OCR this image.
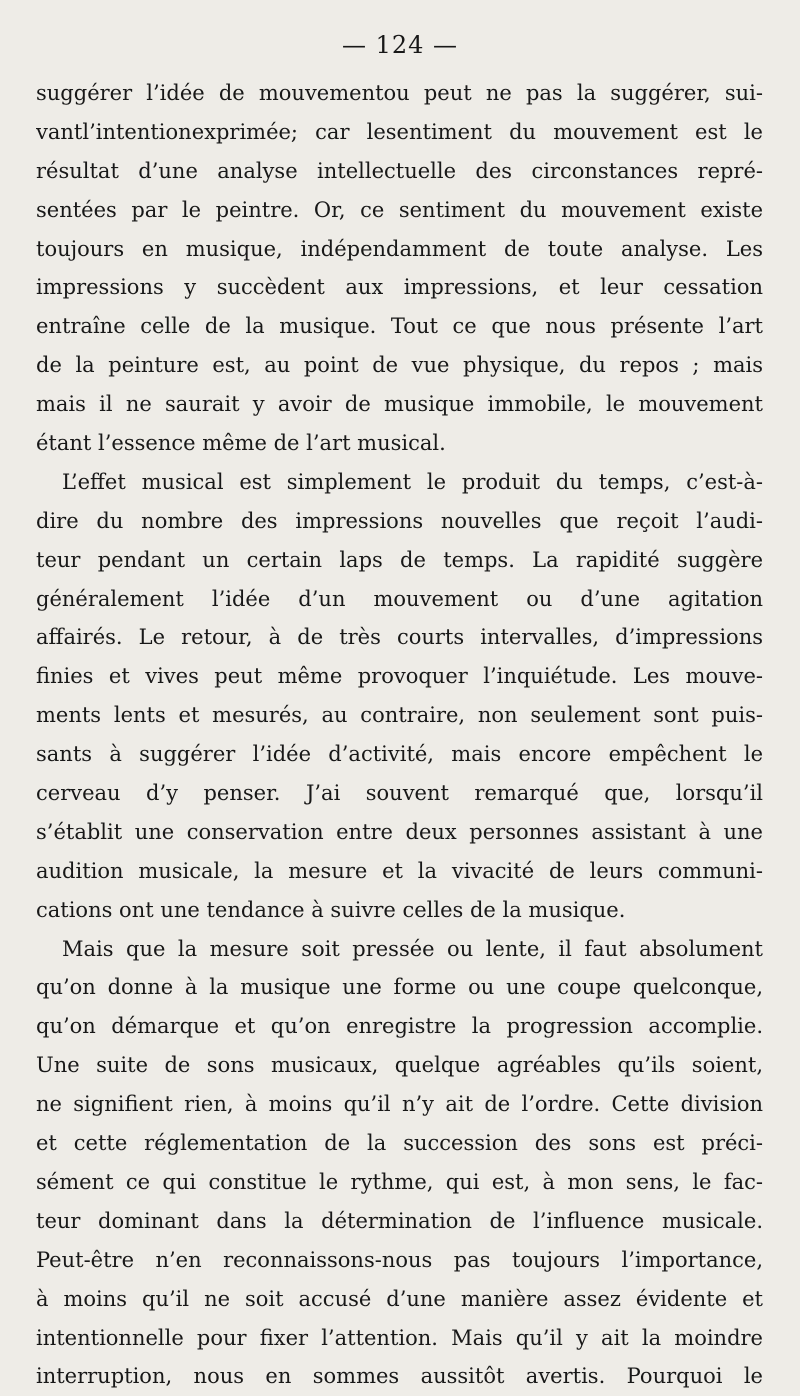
— 124 —
suggérer l’idée de mouvementou peut ne pas la suggérer, sui-
vantl’intentionexprimée; car lesentiment du mouvement est le
résultat d’une analyse intellectuelle des circonstances repré-
sentées par le peintre. Or, ce sentiment du mouvement existe
toujours en musique, indépendamment de toute analyse. Les
impressions y succèdent aux impressions, et leur cessation
entraîne celle de la musique. Tout ce que nous présente l’art
de la peinture est, au point de vue physique, du repos ; mais
mais il ne saurait y avoir de musique immobile, le mouvement
étant l’essence même de l’art musical.
L’effet musical est simplement le produit du temps, c’est-à-
dire du nombre des impressions nouvelles que reçoit l’audi-
teur pendant un certain laps de temps. La rapidité suggère
généralement l’idée d’un mouvement ou d’une agitation
affairés. Le retour, à de très courts intervalles, d’impressions
finies et vives peut même provoquer l’inquiétude. Les mouve-
ments lents et mesurés, au contraire, non seulement sont puis-
sants à suggérer l’idée d’activité, mais encore empêchent le
cerveau d’y penser. J’ai souvent remarqué que, lorsqu’il
s’établit une conservation entre deux personnes assistant à une
audition musicale, la mesure et la vivacité de leurs communi-
cations ont une tendance à suivre celles de la musique.
Mais que la mesure soit pressée ou lente, il faut absolument
qu’on donne à la musique une forme ou une coupe quelconque,
qu’on démarque et qu’on enregistre la progression accomplie.
Une suite de sons musicaux, quelque agréables qu’ils soient,
ne signifient rien, à moins qu’il n’y ait de l’ordre. Cette division
et cette réglementation de la succession des sons est préci-
sément ce qui constitue le rythme, qui est, à mon sens, le fac-
teur dominant dans la détermination de l’influence musicale.
Peut-être n’en reconnaissons-nous pas toujours l’importance,
à moins qu’il ne soit accusé d’une manière assez évidente et
intentionnelle pour fixer l’attention. Mais qu’il y ait la moindre
interruption, nous en sommes aussitôt avertis. Pourquoi le
